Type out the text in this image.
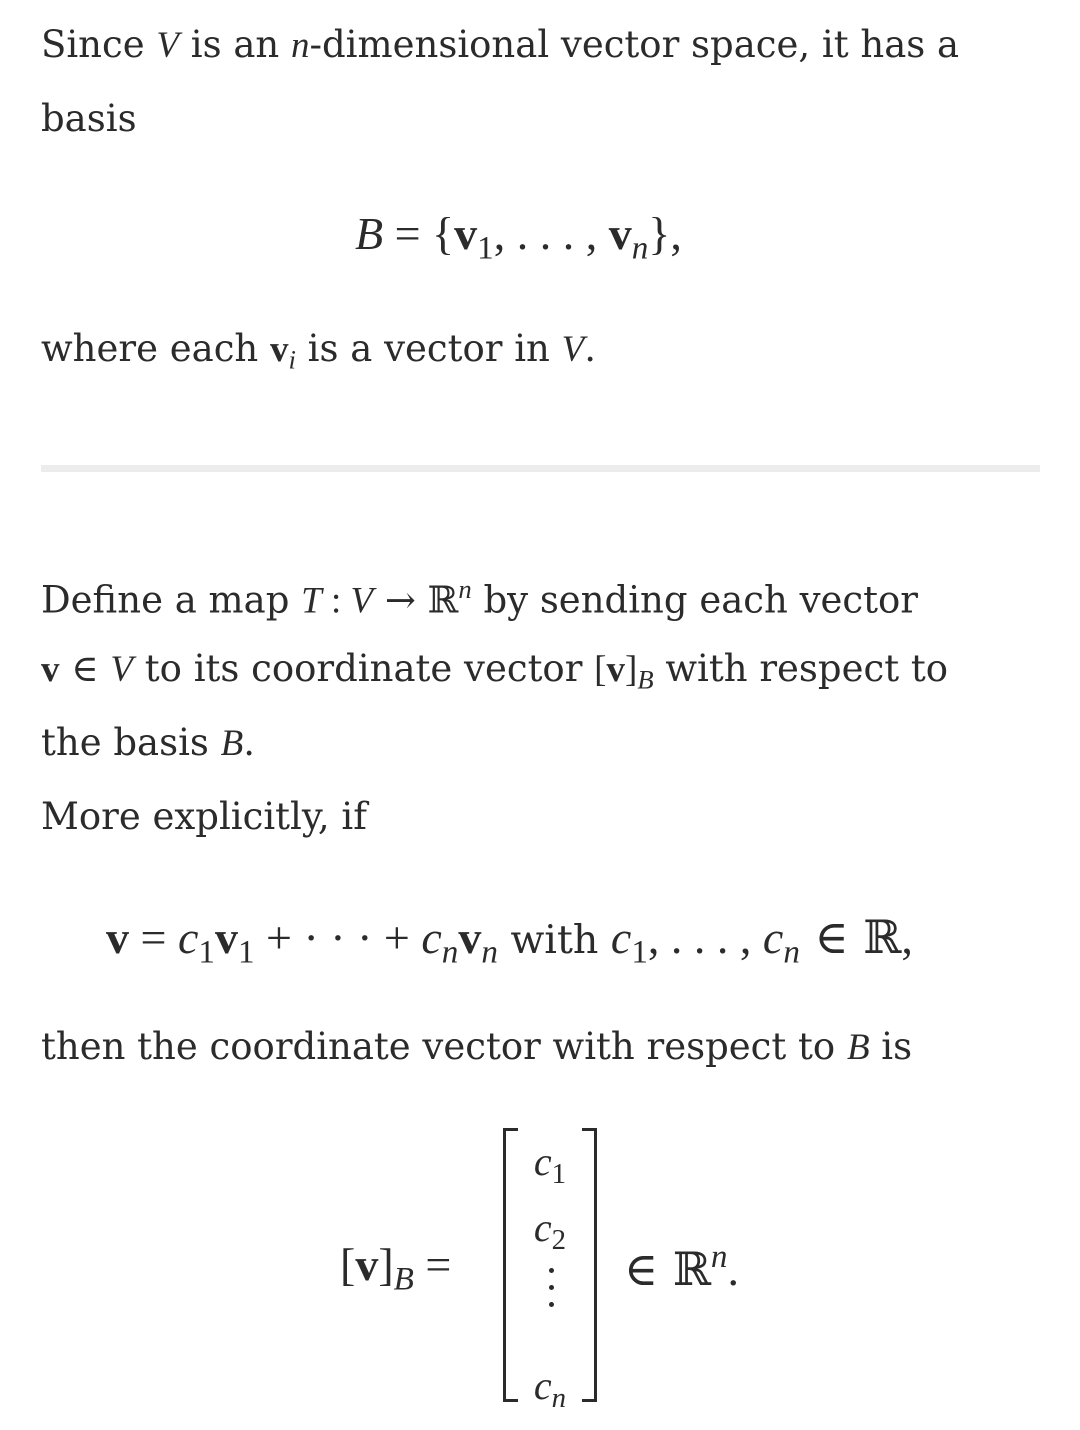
Since V is an n-dimensional vector space, it has a
basis
$B = \{v_1$, . . . , $v_n$},
where each $v_i$ is a vector in V.
Define a map T : V → ℝ$^n$ by sending each vector
v ∈ V to its coordinate vector $[v]_B$ with respect to
the basis B.
More explicitly, if
$v = c_1v_1$ + · · · + $c_nv_n$ with $c_1$, . . . , $c_n$ ∈ ℝ,
then the coordinate vector with respect to B is
$[v]_B$ =
$c_1$
$c_2$
$c_n$
∈ ℝ$^n$.
